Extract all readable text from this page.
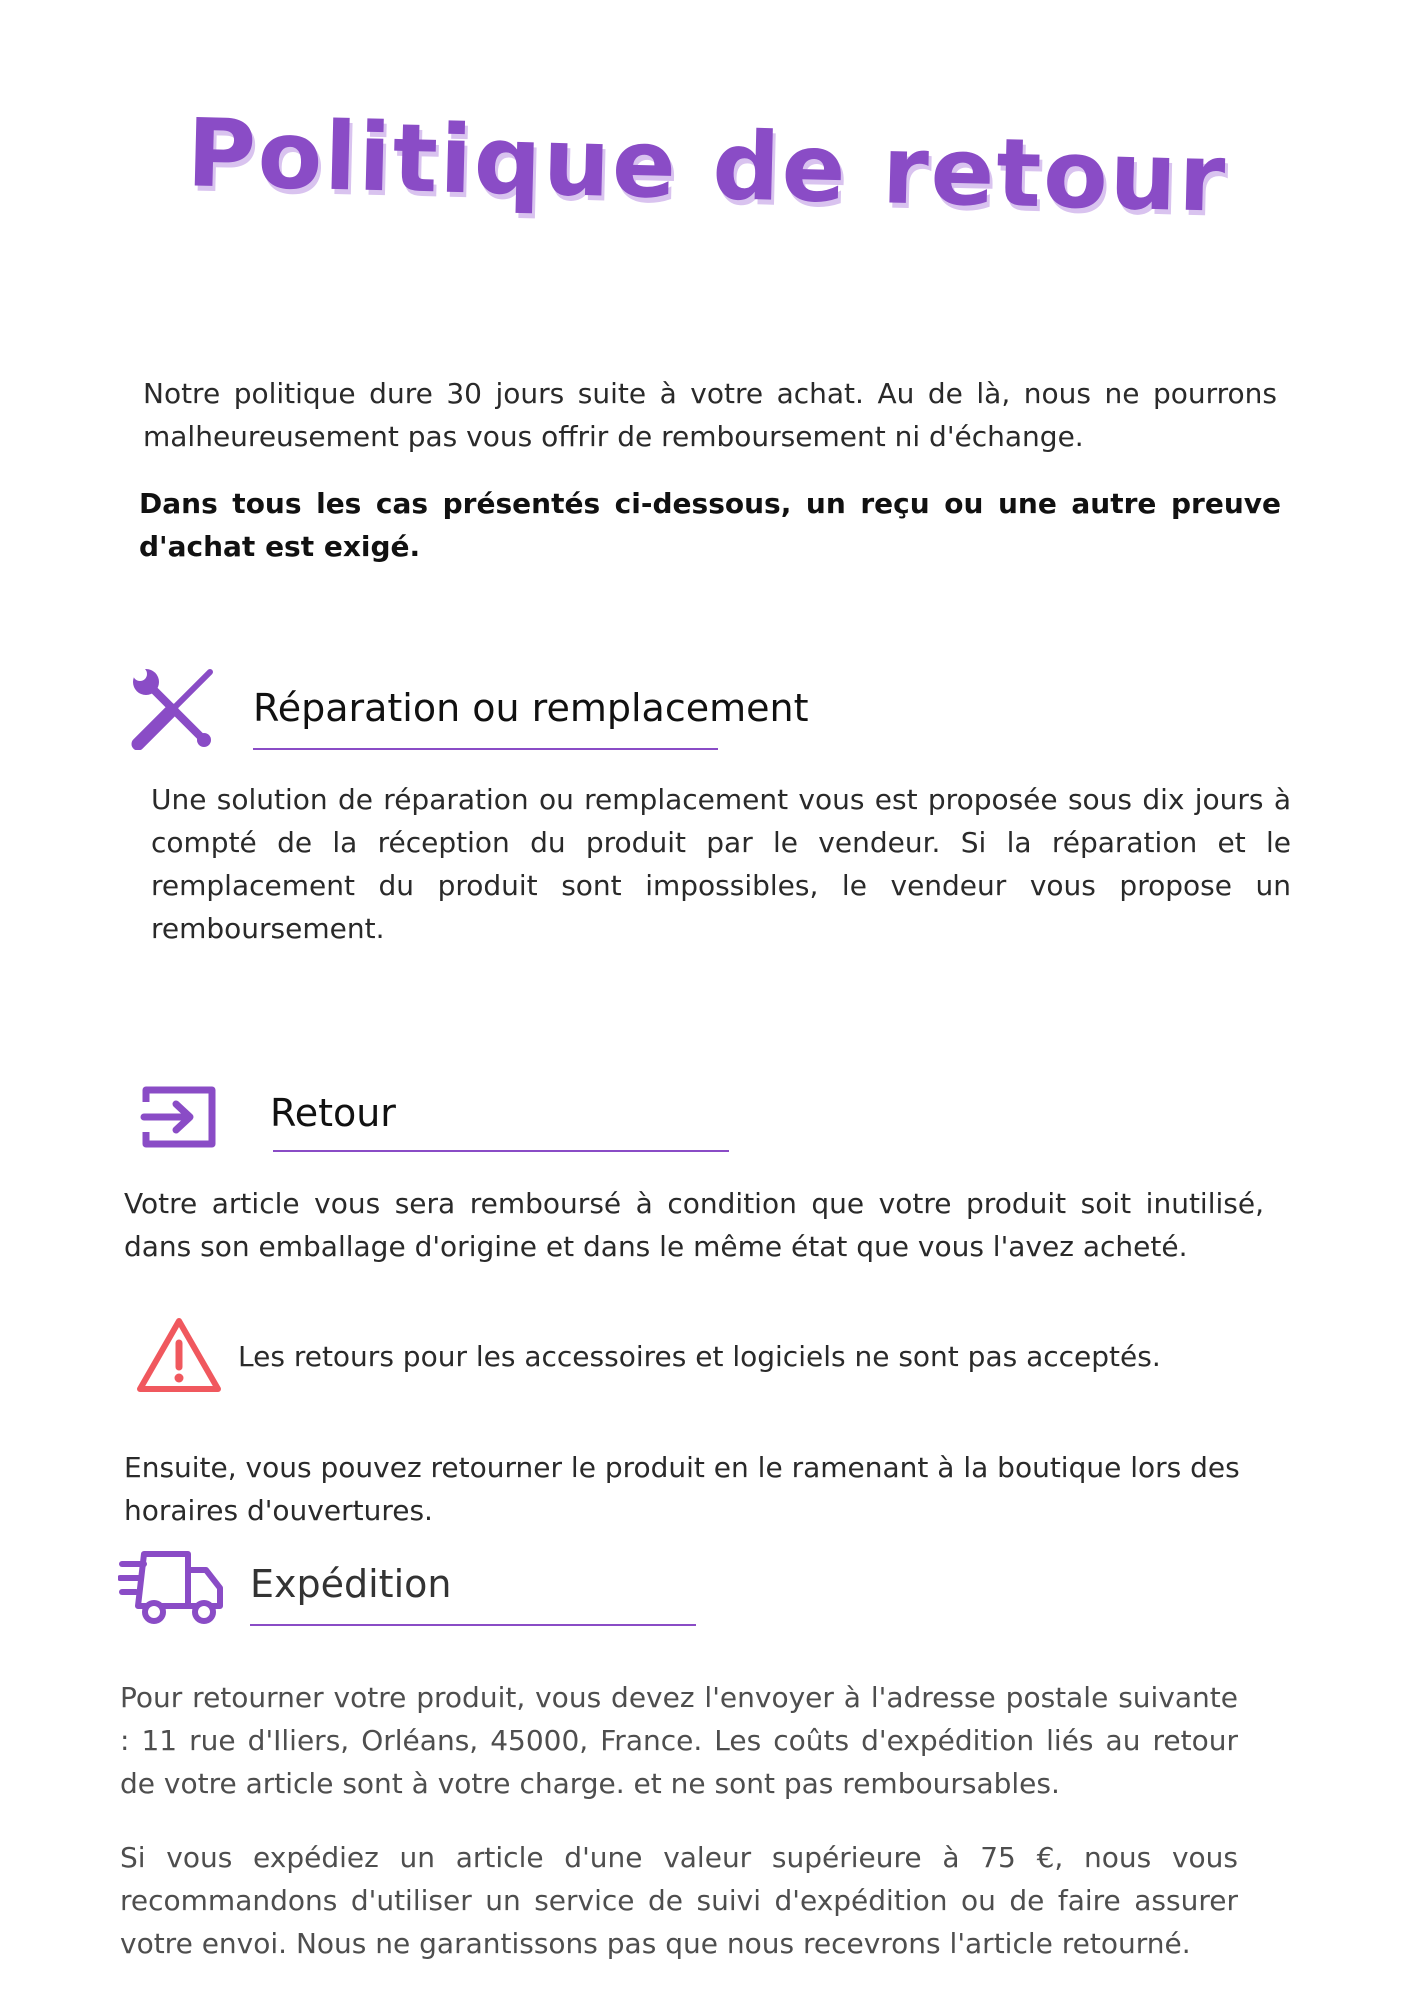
Politique de retour

Notre politique dure 30 jours suite à votre achat. Au de là, nous ne pourrons malheureusement pas vous offrir de remboursement ni d'échange.

Dans tous les cas présentés ci-dessous, un reçu ou une autre preuve d'achat est exigé.

Réparation ou remplacement

Une solution de réparation ou remplacement vous est proposée sous dix jours à compté de la réception du produit par le vendeur. Si la réparation et le remplacement du produit sont impossibles, le vendeur vous propose un remboursement.

Retour

Votre article vous sera remboursé à condition que votre produit soit inutilisé, dans son emballage d'origine et dans le même état que vous l'avez acheté.

Les retours pour les accessoires et logiciels ne sont pas acceptés.

Ensuite, vous pouvez retourner le produit en le ramenant à la boutique lors des horaires d'ouvertures.

Expédition

Pour retourner votre produit, vous devez l'envoyer à l'adresse postale suivante : 11 rue d'Iliers, Orléans, 45000, France. Les coûts d'expédition liés au retour de votre article sont à votre charge. et ne sont pas remboursables.

Si vous expédiez un article d'une valeur supérieure à 75 €, nous vous recommandons d'utiliser un service de suivi d'expédition ou de faire assurer votre envoi. Nous ne garantissons pas que nous recevrons l'article retourné.
